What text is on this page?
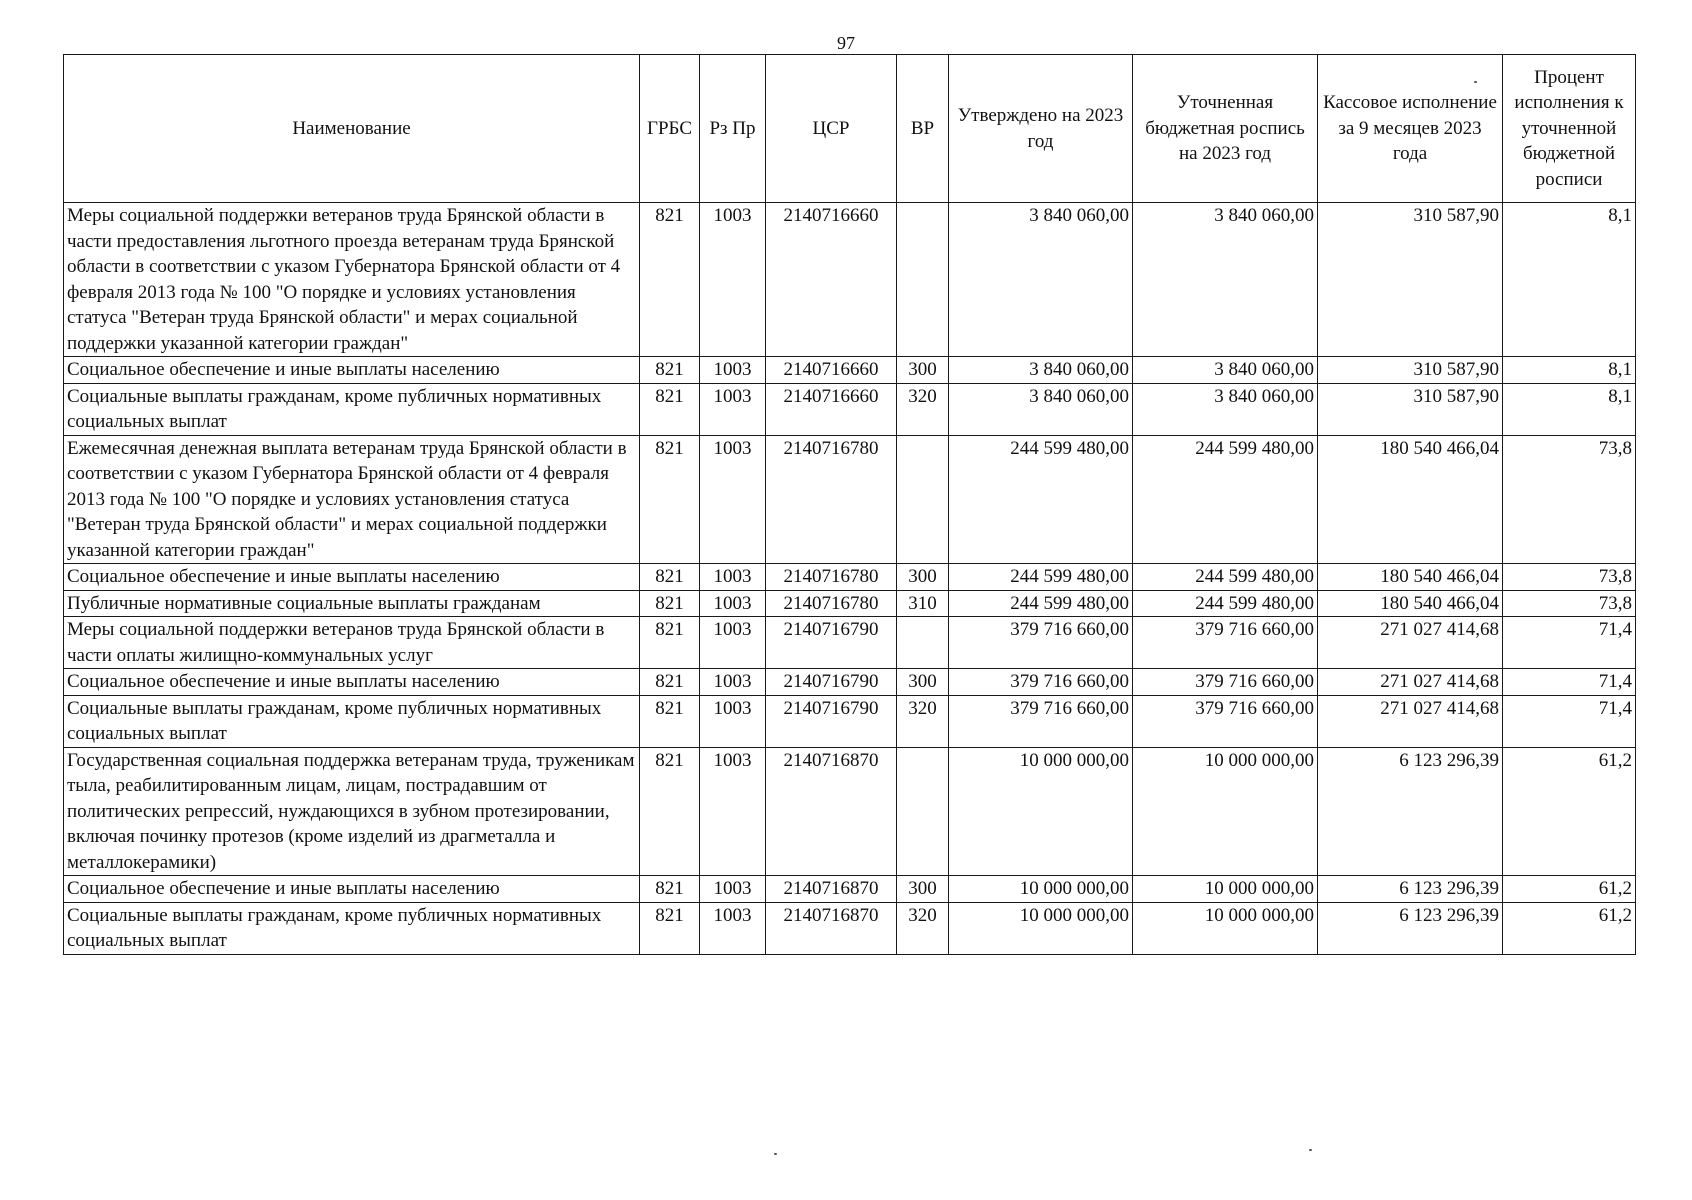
97
Наименование	ГРБС	Рз Пр	ЦСР	ВР	Утверждено на 2023 год	Уточненная бюджетная роспись на 2023 год	Кассовое исполнение за 9 месяцев 2023 года	Процент исполнения к уточненной бюджетной росписи
Меры социальной поддержки ветеранов труда Брянской области в части предоставления льготного проезда ветеранам труда Брянской области в соответствии с указом Губернатора Брянской области от 4 февраля 2013 года № 100 "О порядке и условиях установления статуса "Ветеран труда Брянской области" и мерах социальной поддержки указанной категории граждан"	821	1003	2140716660		3 840 060,00	3 840 060,00	310 587,90	8,1
Социальное обеспечение и иные выплаты населению	821	1003	2140716660	300	3 840 060,00	3 840 060,00	310 587,90	8,1
Социальные выплаты гражданам, кроме публичных нормативных социальных выплат	821	1003	2140716660	320	3 840 060,00	3 840 060,00	310 587,90	8,1
Ежемесячная денежная выплата ветеранам труда Брянской области в соответствии с указом Губернатора Брянской области от 4 февраля 2013 года № 100 "О порядке и условиях установления статуса "Ветеран труда Брянской области" и мерах социальной поддержки указанной категории граждан"	821	1003	2140716780		244 599 480,00	244 599 480,00	180 540 466,04	73,8
Социальное обеспечение и иные выплаты населению	821	1003	2140716780	300	244 599 480,00	244 599 480,00	180 540 466,04	73,8
Публичные нормативные социальные выплаты гражданам	821	1003	2140716780	310	244 599 480,00	244 599 480,00	180 540 466,04	73,8
Меры социальной поддержки ветеранов труда Брянской области в части оплаты жилищно-коммунальных услуг	821	1003	2140716790		379 716 660,00	379 716 660,00	271 027 414,68	71,4
Социальное обеспечение и иные выплаты населению	821	1003	2140716790	300	379 716 660,00	379 716 660,00	271 027 414,68	71,4
Социальные выплаты гражданам, кроме публичных нормативных социальных выплат	821	1003	2140716790	320	379 716 660,00	379 716 660,00	271 027 414,68	71,4
Государственная социальная поддержка ветеранам труда, труженикам тыла, реабилитированным лицам, лицам, пострадавшим от политических репрессий, нуждающихся в зубном протезировании, включая починку протезов (кроме изделий из драгметалла и металлокерамики)	821	1003	2140716870		10 000 000,00	10 000 000,00	6 123 296,39	61,2
Социальное обеспечение и иные выплаты населению	821	1003	2140716870	300	10 000 000,00	10 000 000,00	6 123 296,39	61,2
Социальные выплаты гражданам, кроме публичных нормативных социальных выплат	821	1003	2140716870	320	10 000 000,00	10 000 000,00	6 123 296,39	61,2
